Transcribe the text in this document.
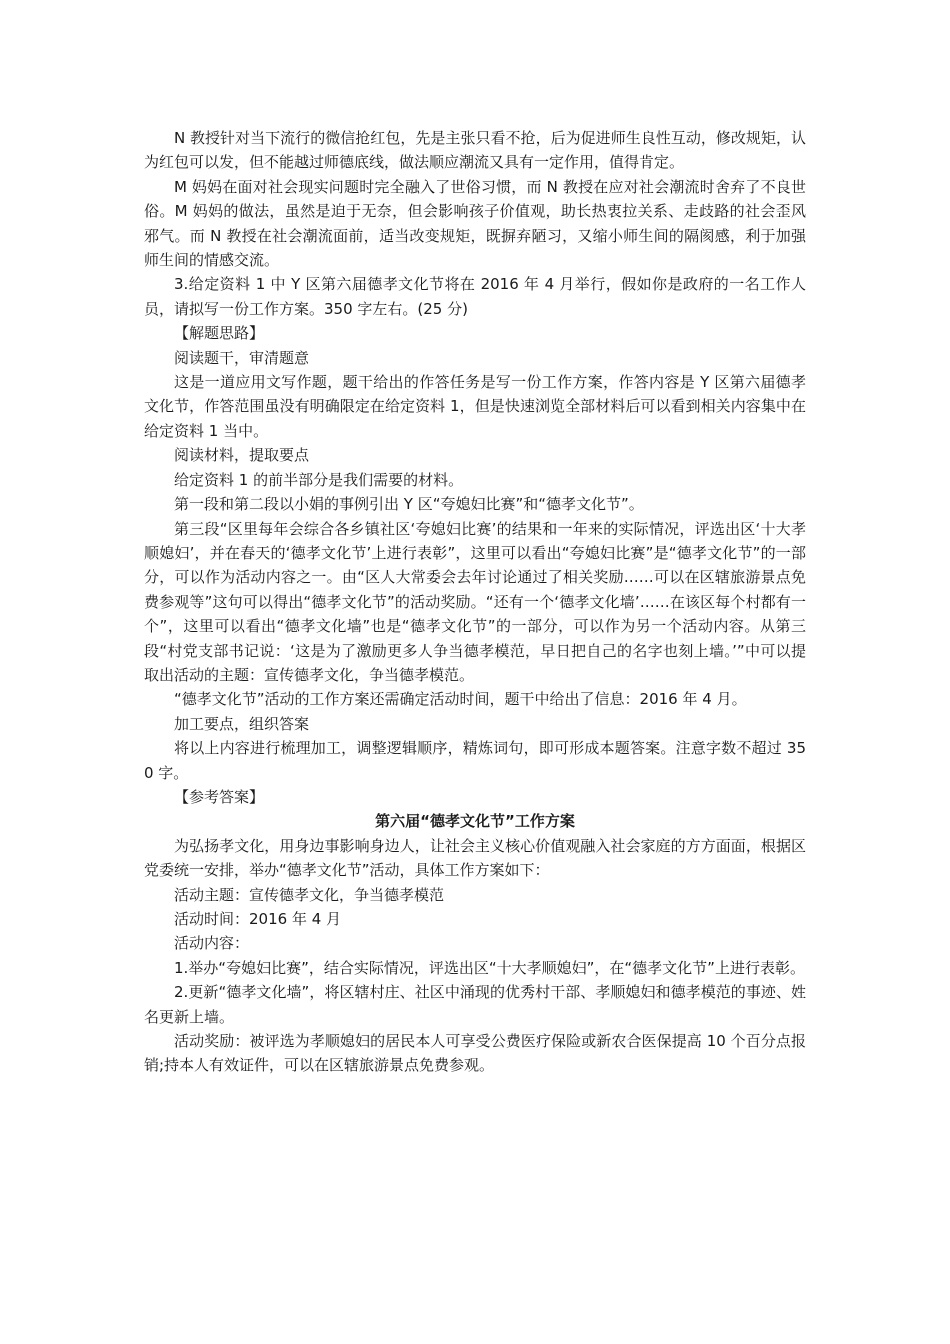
N 教授针对当下流行的微信抢红包，先是主张只看不抢，后为促进师生良性互动，修改规矩，认为红包可以发，但不能越过师德底线，做法顺应潮流又具有一定作用，值得肯定。

M 妈妈在面对社会现实问题时完全融入了世俗习惯，而 N 教授在应对社会潮流时舍弃了不良世俗。M 妈妈的做法，虽然是迫于无奈，但会影响孩子价值观，助长热衷拉关系、走歧路的社会歪风邪气。而 N 教授在社会潮流面前，适当改变规矩，既摒弃陋习，又缩小师生间的隔阂感，利于加强师生间的情感交流。

3.给定资料 1 中 Y 区第六届德孝文化节将在 2016 年 4 月举行，假如你是政府的一名工作人员，请拟写一份工作方案。350 字左右。(25 分)

【解题思路】

阅读题干，审清题意

这是一道应用文写作题，题干给出的作答任务是写一份工作方案，作答内容是 Y 区第六届德孝文化节，作答范围虽没有明确限定在给定资料 1，但是快速浏览全部材料后可以看到相关内容集中在给定资料 1 当中。

阅读材料，提取要点

给定资料 1 的前半部分是我们需要的材料。

第一段和第二段以小娟的事例引出 Y 区“夸媳妇比赛”和“德孝文化节”。

第三段“区里每年会综合各乡镇社区‘夸媳妇比赛’的结果和一年来的实际情况，评选出区‘十大孝顺媳妇’，并在春天的‘德孝文化节’上进行表彰”，这里可以看出“夸媳妇比赛”是“德孝文化节”的一部分，可以作为活动内容之一。由“区人大常委会去年讨论通过了相关奖励……可以在区辖旅游景点免费参观等”这句可以得出“德孝文化节”的活动奖励。“还有一个‘德孝文化墙’……在该区每个村都有一个”，这里可以看出“德孝文化墙”也是“德孝文化节”的一部分，可以作为另一个活动内容。从第三段“村党支部书记说：‘这是为了激励更多人争当德孝模范，早日把自己的名字也刻上墙。’”中可以提取出活动的主题：宣传德孝文化，争当德孝模范。

“德孝文化节”活动的工作方案还需确定活动时间，题干中给出了信息：2016 年 4 月。

加工要点，组织答案

将以上内容进行梳理加工，调整逻辑顺序，精炼词句，即可形成本题答案。注意字数不超过 350 字。

【参考答案】

第六届“德孝文化节”工作方案

为弘扬孝文化，用身边事影响身边人，让社会主义核心价值观融入社会家庭的方方面面，根据区党委统一安排，举办“德孝文化节”活动，具体工作方案如下：

活动主题：宣传德孝文化，争当德孝模范

活动时间：2016 年 4 月

活动内容：

1.举办“夸媳妇比赛”，结合实际情况，评选出区“十大孝顺媳妇”，在“德孝文化节”上进行表彰。

2.更新“德孝文化墙”，将区辖村庄、社区中涌现的优秀村干部、孝顺媳妇和德孝模范的事迹、姓名更新上墙。

活动奖励：被评选为孝顺媳妇的居民本人可享受公费医疗保险或新农合医保提高 10 个百分点报销;持本人有效证件，可以在区辖旅游景点免费参观。
